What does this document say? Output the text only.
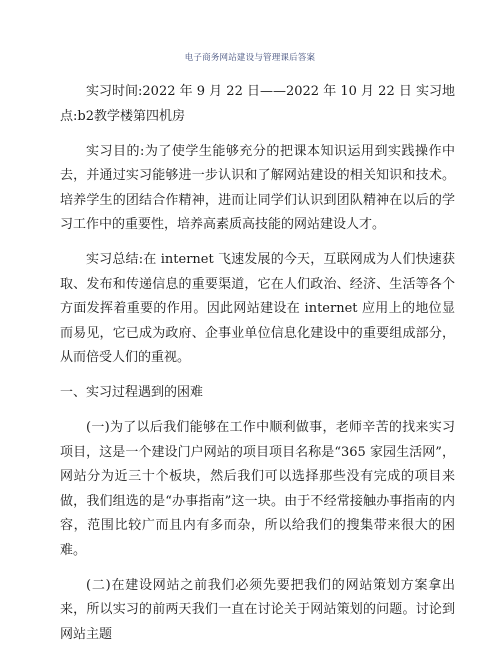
电子商务网站建设与管理课后答案

实习时间:2022 年 9 月 22 日——2022 年 10 月 22 日 实习地点:b2教学楼第四机房

实习目的:为了使学生能够充分的把课本知识运用到实践操作中去，并通过实习能够进一步认识和了解网站建设的相关知识和技术。培养学生的团结合作精神，进而让同学们认识到团队精神在以后的学习工作中的重要性，培养高素质高技能的网站建设人才。

实习总结:在 internet 飞速发展的今天，互联网成为人们快速获取、发布和传递信息的重要渠道，它在人们政治、经济、生活等各个方面发挥着重要的作用。因此网站建设在 internet 应用上的地位显而易见，它已成为政府、企事业单位信息化建设中的重要组成部分，从而倍受人们的重视。

一、实习过程遇到的困难

(一)为了以后我们能够在工作中顺利做事，老师辛苦的找来实习项目，这是一个建设门户网站的项目项目名称是“365 家园生活网”，网站分为近三十个板块，然后我们可以选择那些没有完成的项目来做，我们组选的是“办事指南”这一块。由于不经常接触办事指南的内容，范围比较广而且内有多而杂，所以给我们的搜集带来很大的困难。

(二)在建设网站之前我们必须先要把我们的网站策划方案拿出来，所以实习的前两天我们一直在讨论关于网站策划的问题。讨论到网站主题
